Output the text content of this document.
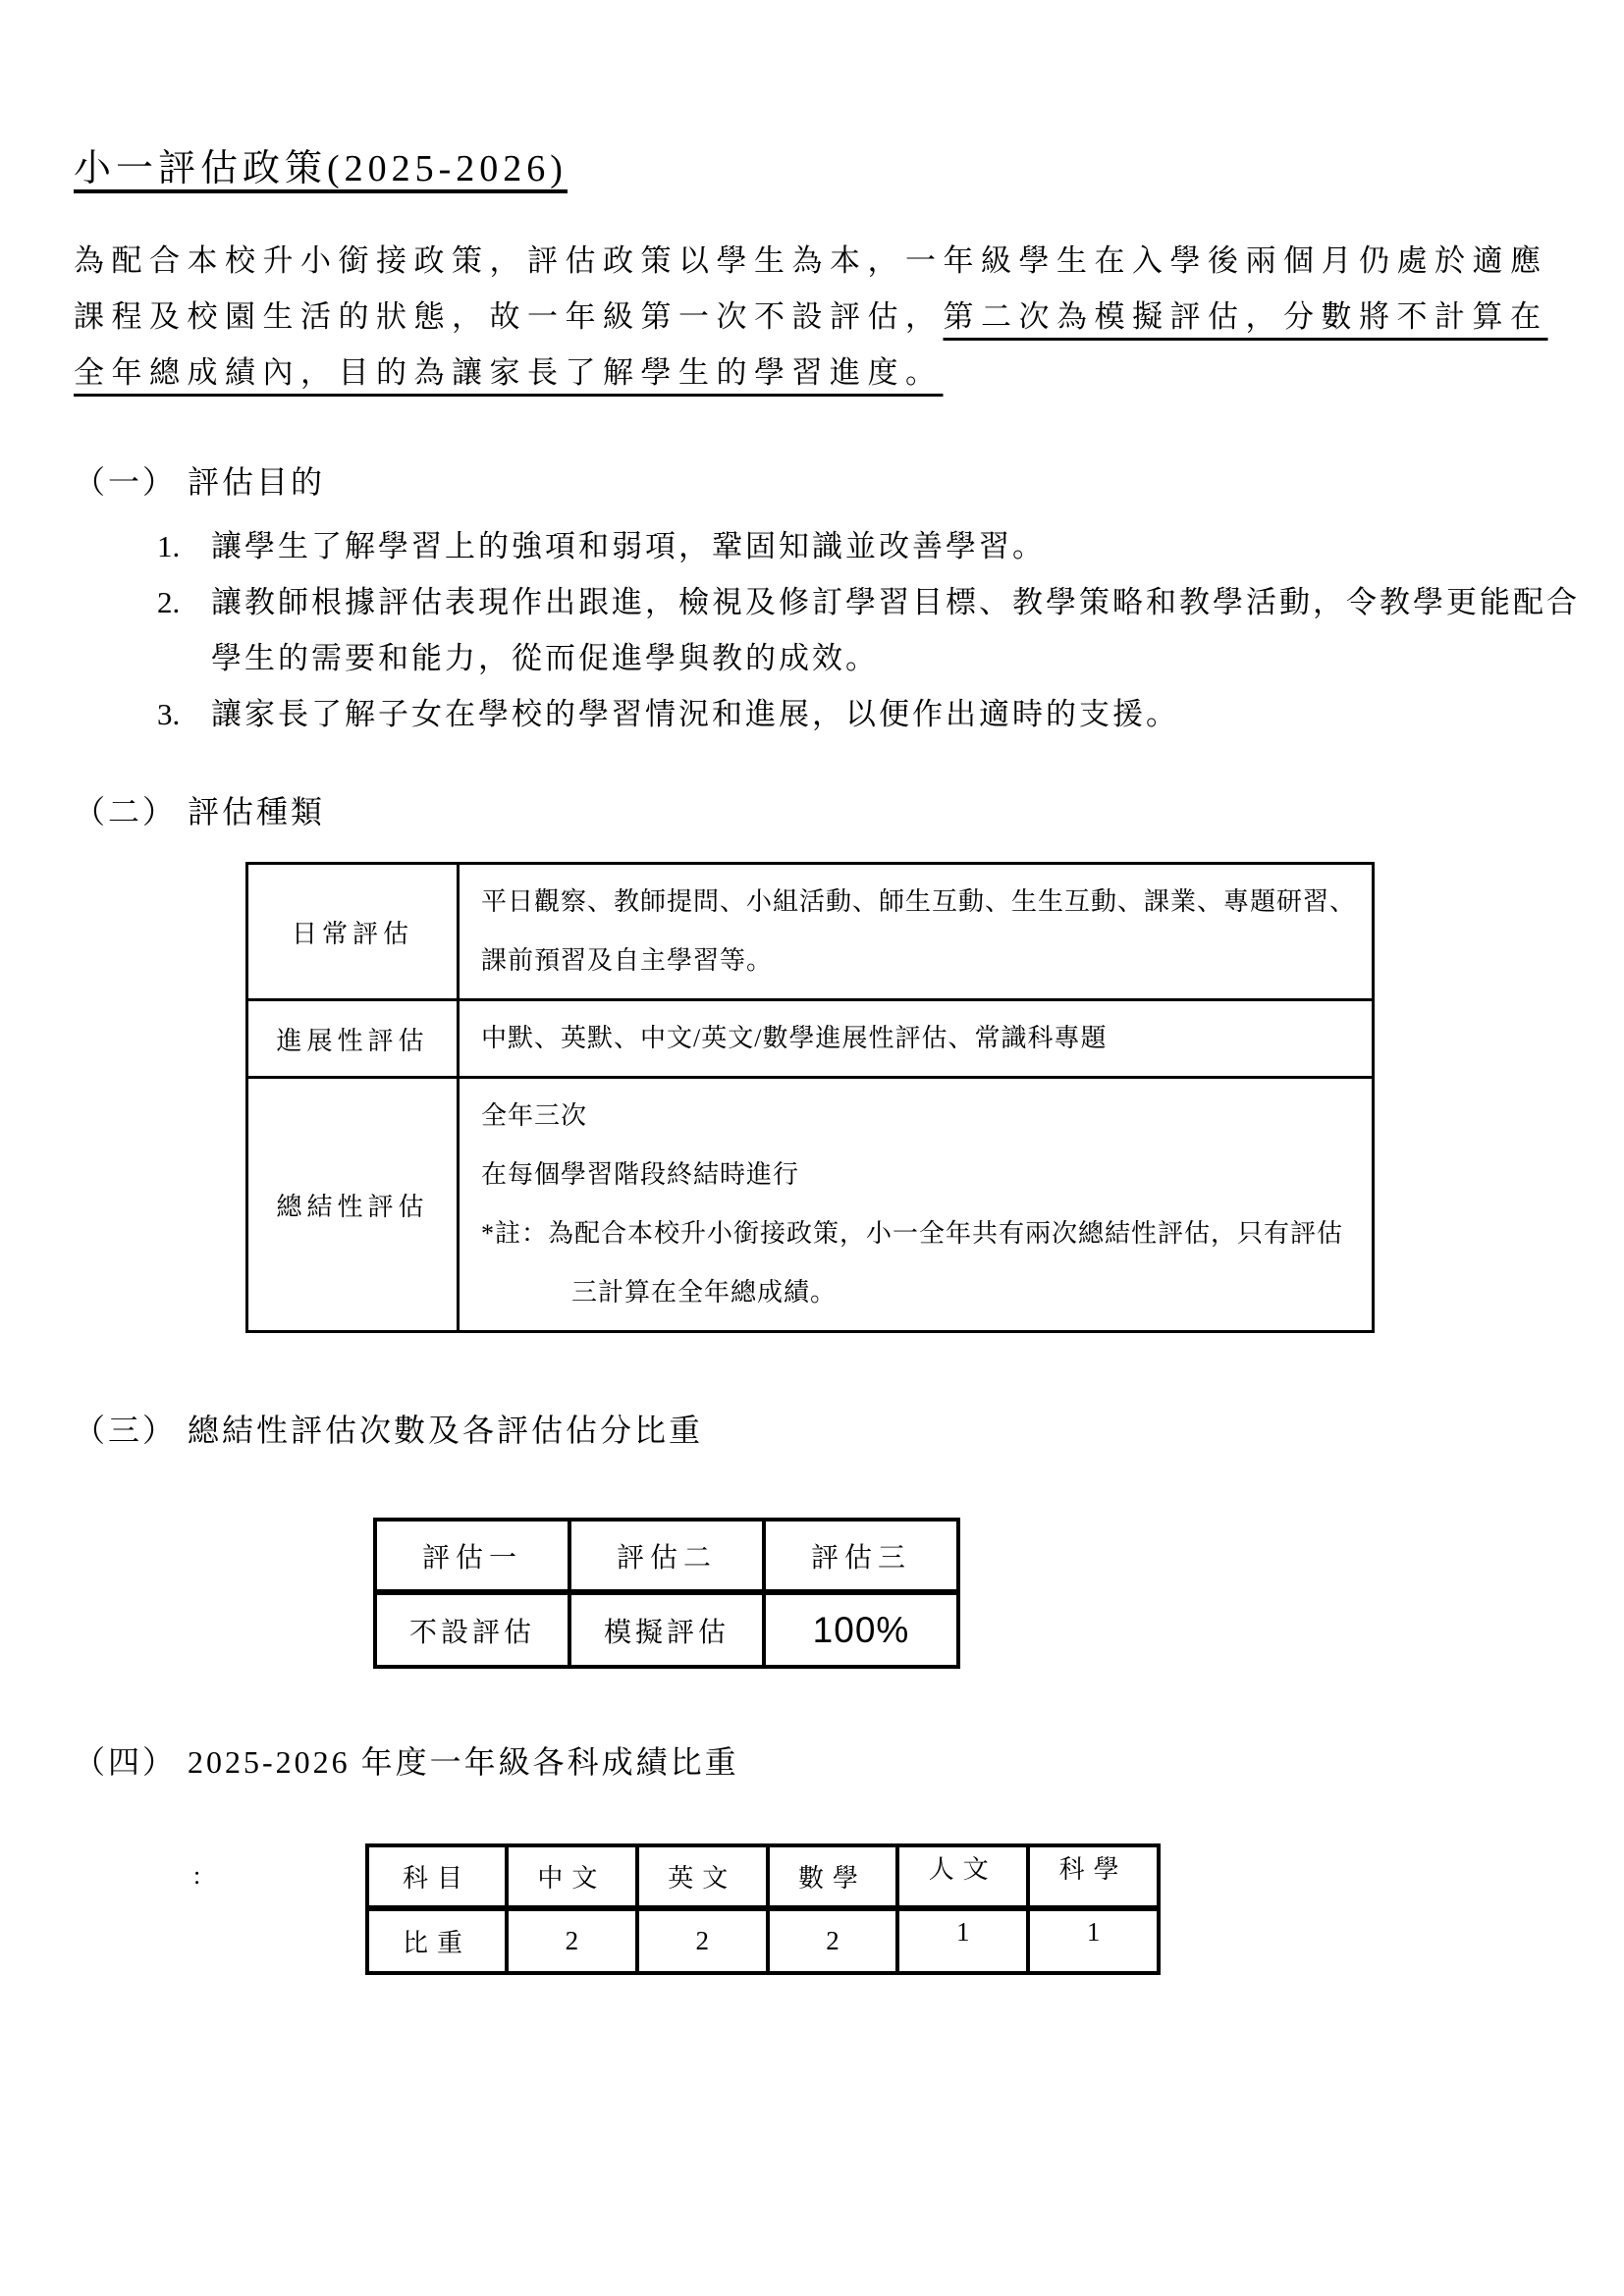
小一評估政策(2025-2026)
為配合本校升小銜接政策，評估政策以學生為本，一年級學生在入學後兩個月仍處於適應
課程及校園生活的狀態，故一年級第一次不設評估，第二次為模擬評估，分數將不計算在
全年總成績內，目的為讓家長了解學生的學習進度。
（一） 評估目的
1.	讓學生了解學習上的強項和弱項，鞏固知識並改善學習。
2.	讓教師根據評估表現作出跟進，檢視及修訂學習目標、教學策略和教學活動，令教學更能配合
學生的需要和能力，從而促進學與教的成效。
3.	讓家長了解子女在學校的學習情況和進展，以便作出適時的支援。
（二） 評估種類
日常評估	平日觀察、教師提問、小組活動、師生互動、生生互動、課業、專題研習、
課前預習及自主學習等。

進展性評估	中默、英默、中文/英文/數學進展性評估、常識科專題

總結性評估	全年三次
在每個學習階段終結時進行
*註：為配合本校升小銜接政策，小一全年共有兩次總結性評估，只有評估
三計算在全年總成績。
（三） 總結性評估次數及各評估佔分比重
評估一	評估二	評估三
不設評估	模擬評估	100%
（四） 2025-2026 年度一年級各科成績比重
:	科目	中文	英文	數學	人文	科學
比重	2	2	2	1	1
